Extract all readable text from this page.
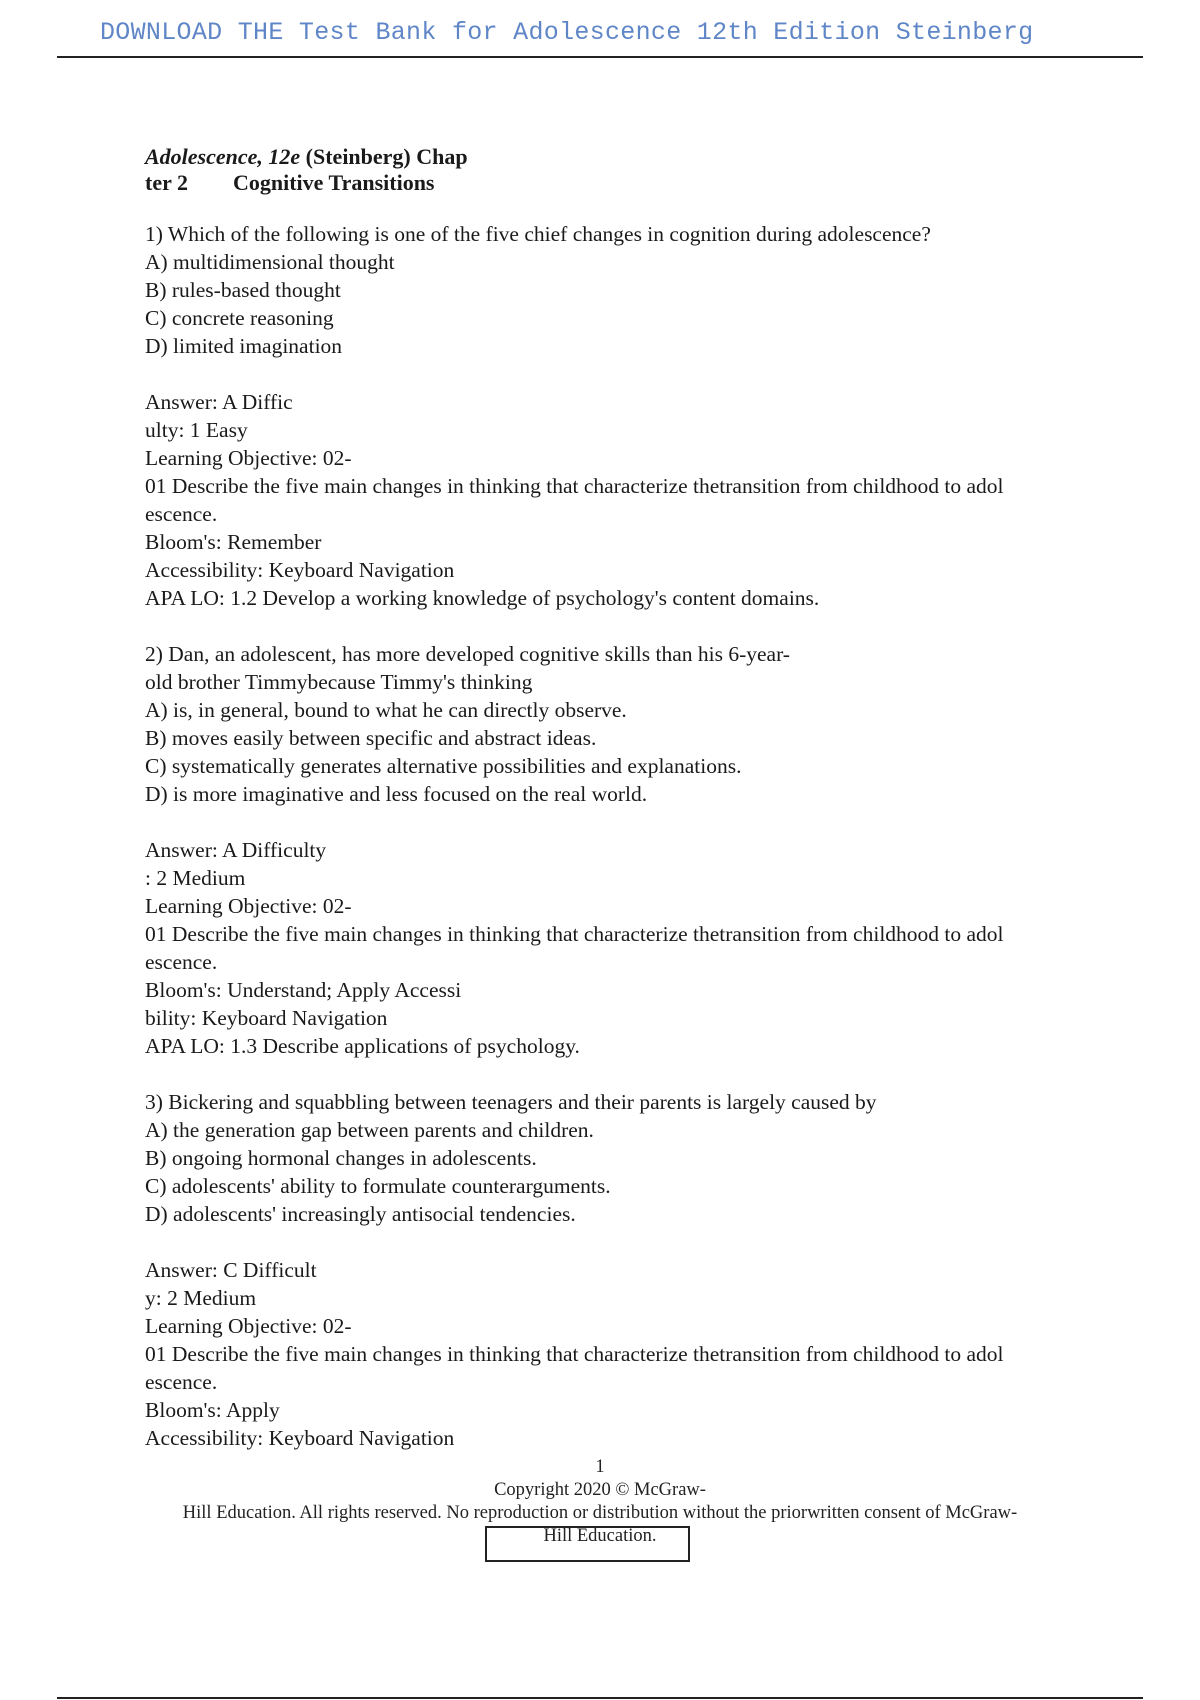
DOWNLOAD THE Test Bank for Adolescence 12th Edition Steinberg
Adolescence, 12e (Steinberg) Chap
ter 2 Cognitive Transitions
1) Which of the following is one of the five chief changes in cognition during adolescence?
A) multidimensional thought
B) rules-based thought
C) concrete reasoning
D) limited imagination
Answer: A Diffic
ulty: 1 Easy
Learning Objective: 02-
01 Describe the five main changes in thinking that characterize thetransition from childhood to adol
escence.
Bloom's: Remember
Accessibility: Keyboard Navigation
APA LO: 1.2 Develop a working knowledge of psychology's content domains.
2) Dan, an adolescent, has more developed cognitive skills than his 6-year-
old brother Timmybecause Timmy's thinking
A) is, in general, bound to what he can directly observe.
B) moves easily between specific and abstract ideas.
C) systematically generates alternative possibilities and explanations.
D) is more imaginative and less focused on the real world.
Answer: A Difficulty
: 2 Medium
Learning Objective: 02-
01 Describe the five main changes in thinking that characterize thetransition from childhood to adol
escence.
Bloom's: Understand; Apply Accessi
bility: Keyboard Navigation
APA LO: 1.3 Describe applications of psychology.
3) Bickering and squabbling between teenagers and their parents is largely caused by
A) the generation gap between parents and children.
B) ongoing hormonal changes in adolescents.
C) adolescents' ability to formulate counterarguments.
D) adolescents' increasingly antisocial tendencies.
Answer: C Difficult
y: 2 Medium
Learning Objective: 02-
01 Describe the five main changes in thinking that characterize thetransition from childhood to adol
escence.
Bloom's: Apply
Accessibility: Keyboard Navigation
1
Copyright 2020 © McGraw-
Hill Education. All rights reserved. No reproduction or distribution without the priorwritten consent of McGraw-
Hill Education.
